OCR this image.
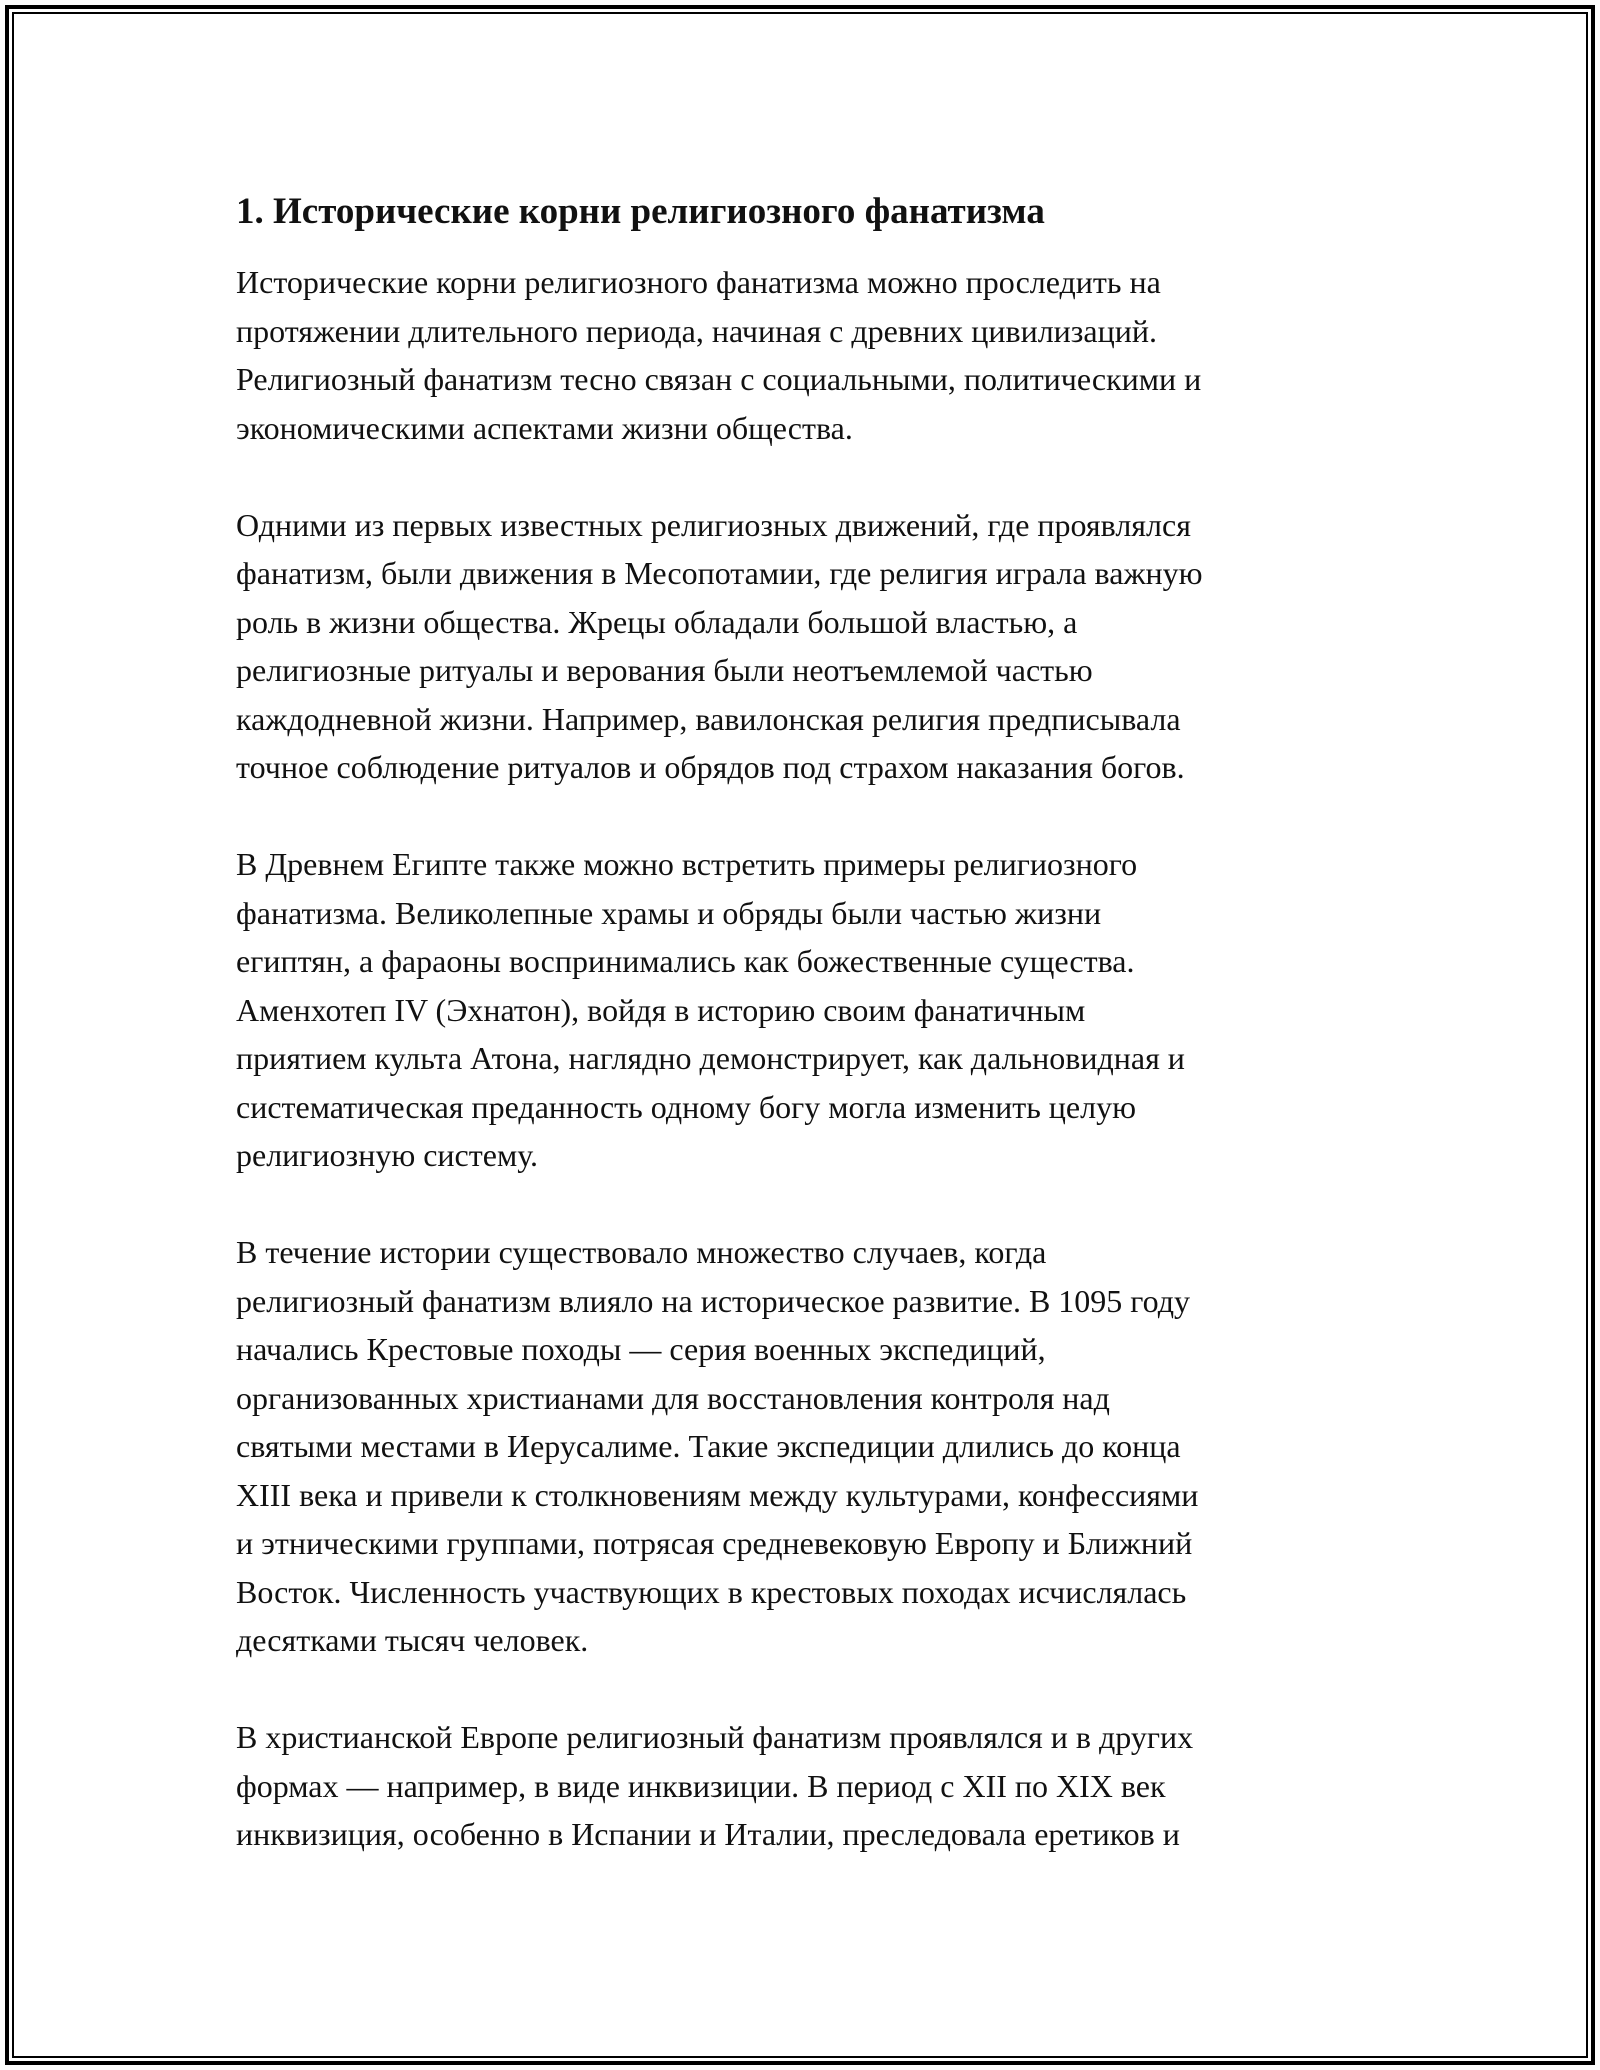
1. Исторические корни религиозного фанатизма

Исторические корни религиозного фанатизма можно проследить на
протяжении длительного периода, начиная с древних цивилизаций.
Религиозный фанатизм тесно связан с социальными, политическими и
экономическими аспектами жизни общества.

Одними из первых известных религиозных движений, где проявлялся
фанатизм, были движения в Месопотамии, где религия играла важную
роль в жизни общества. Жрецы обладали большой властью, а
религиозные ритуалы и верования были неотъемлемой частью
каждодневной жизни. Например, вавилонская религия предписывала
точное соблюдение ритуалов и обрядов под страхом наказания богов.

В Древнем Египте также можно встретить примеры религиозного
фанатизма. Великолепные храмы и обряды были частью жизни
египтян, а фараоны воспринимались как божественные существа.
Аменхотеп IV (Эхнатон), войдя в историю своим фанатичным
приятием культа Атона, наглядно демонстрирует, как дальновидная и
систематическая преданность одному богу могла изменить целую
религиозную систему.

В течение истории существовало множество случаев, когда
религиозный фанатизм влияло на историческое развитие. В 1095 году
начались Крестовые походы — серия военных экспедиций,
организованных христианами для восстановления контроля над
святыми местами в Иерусалиме. Такие экспедиции длились до конца
XIII века и привели к столкновениям между культурами, конфессиями
и этническими группами, потрясая средневековую Европу и Ближний
Восток. Численность участвующих в крестовых походах исчислялась
десятками тысяч человек.

В христианской Европе религиозный фанатизм проявлялся и в других
формах — например, в виде инквизиции. В период с XII по XIX век
инквизиция, особенно в Испании и Италии, преследовала еретиков и
